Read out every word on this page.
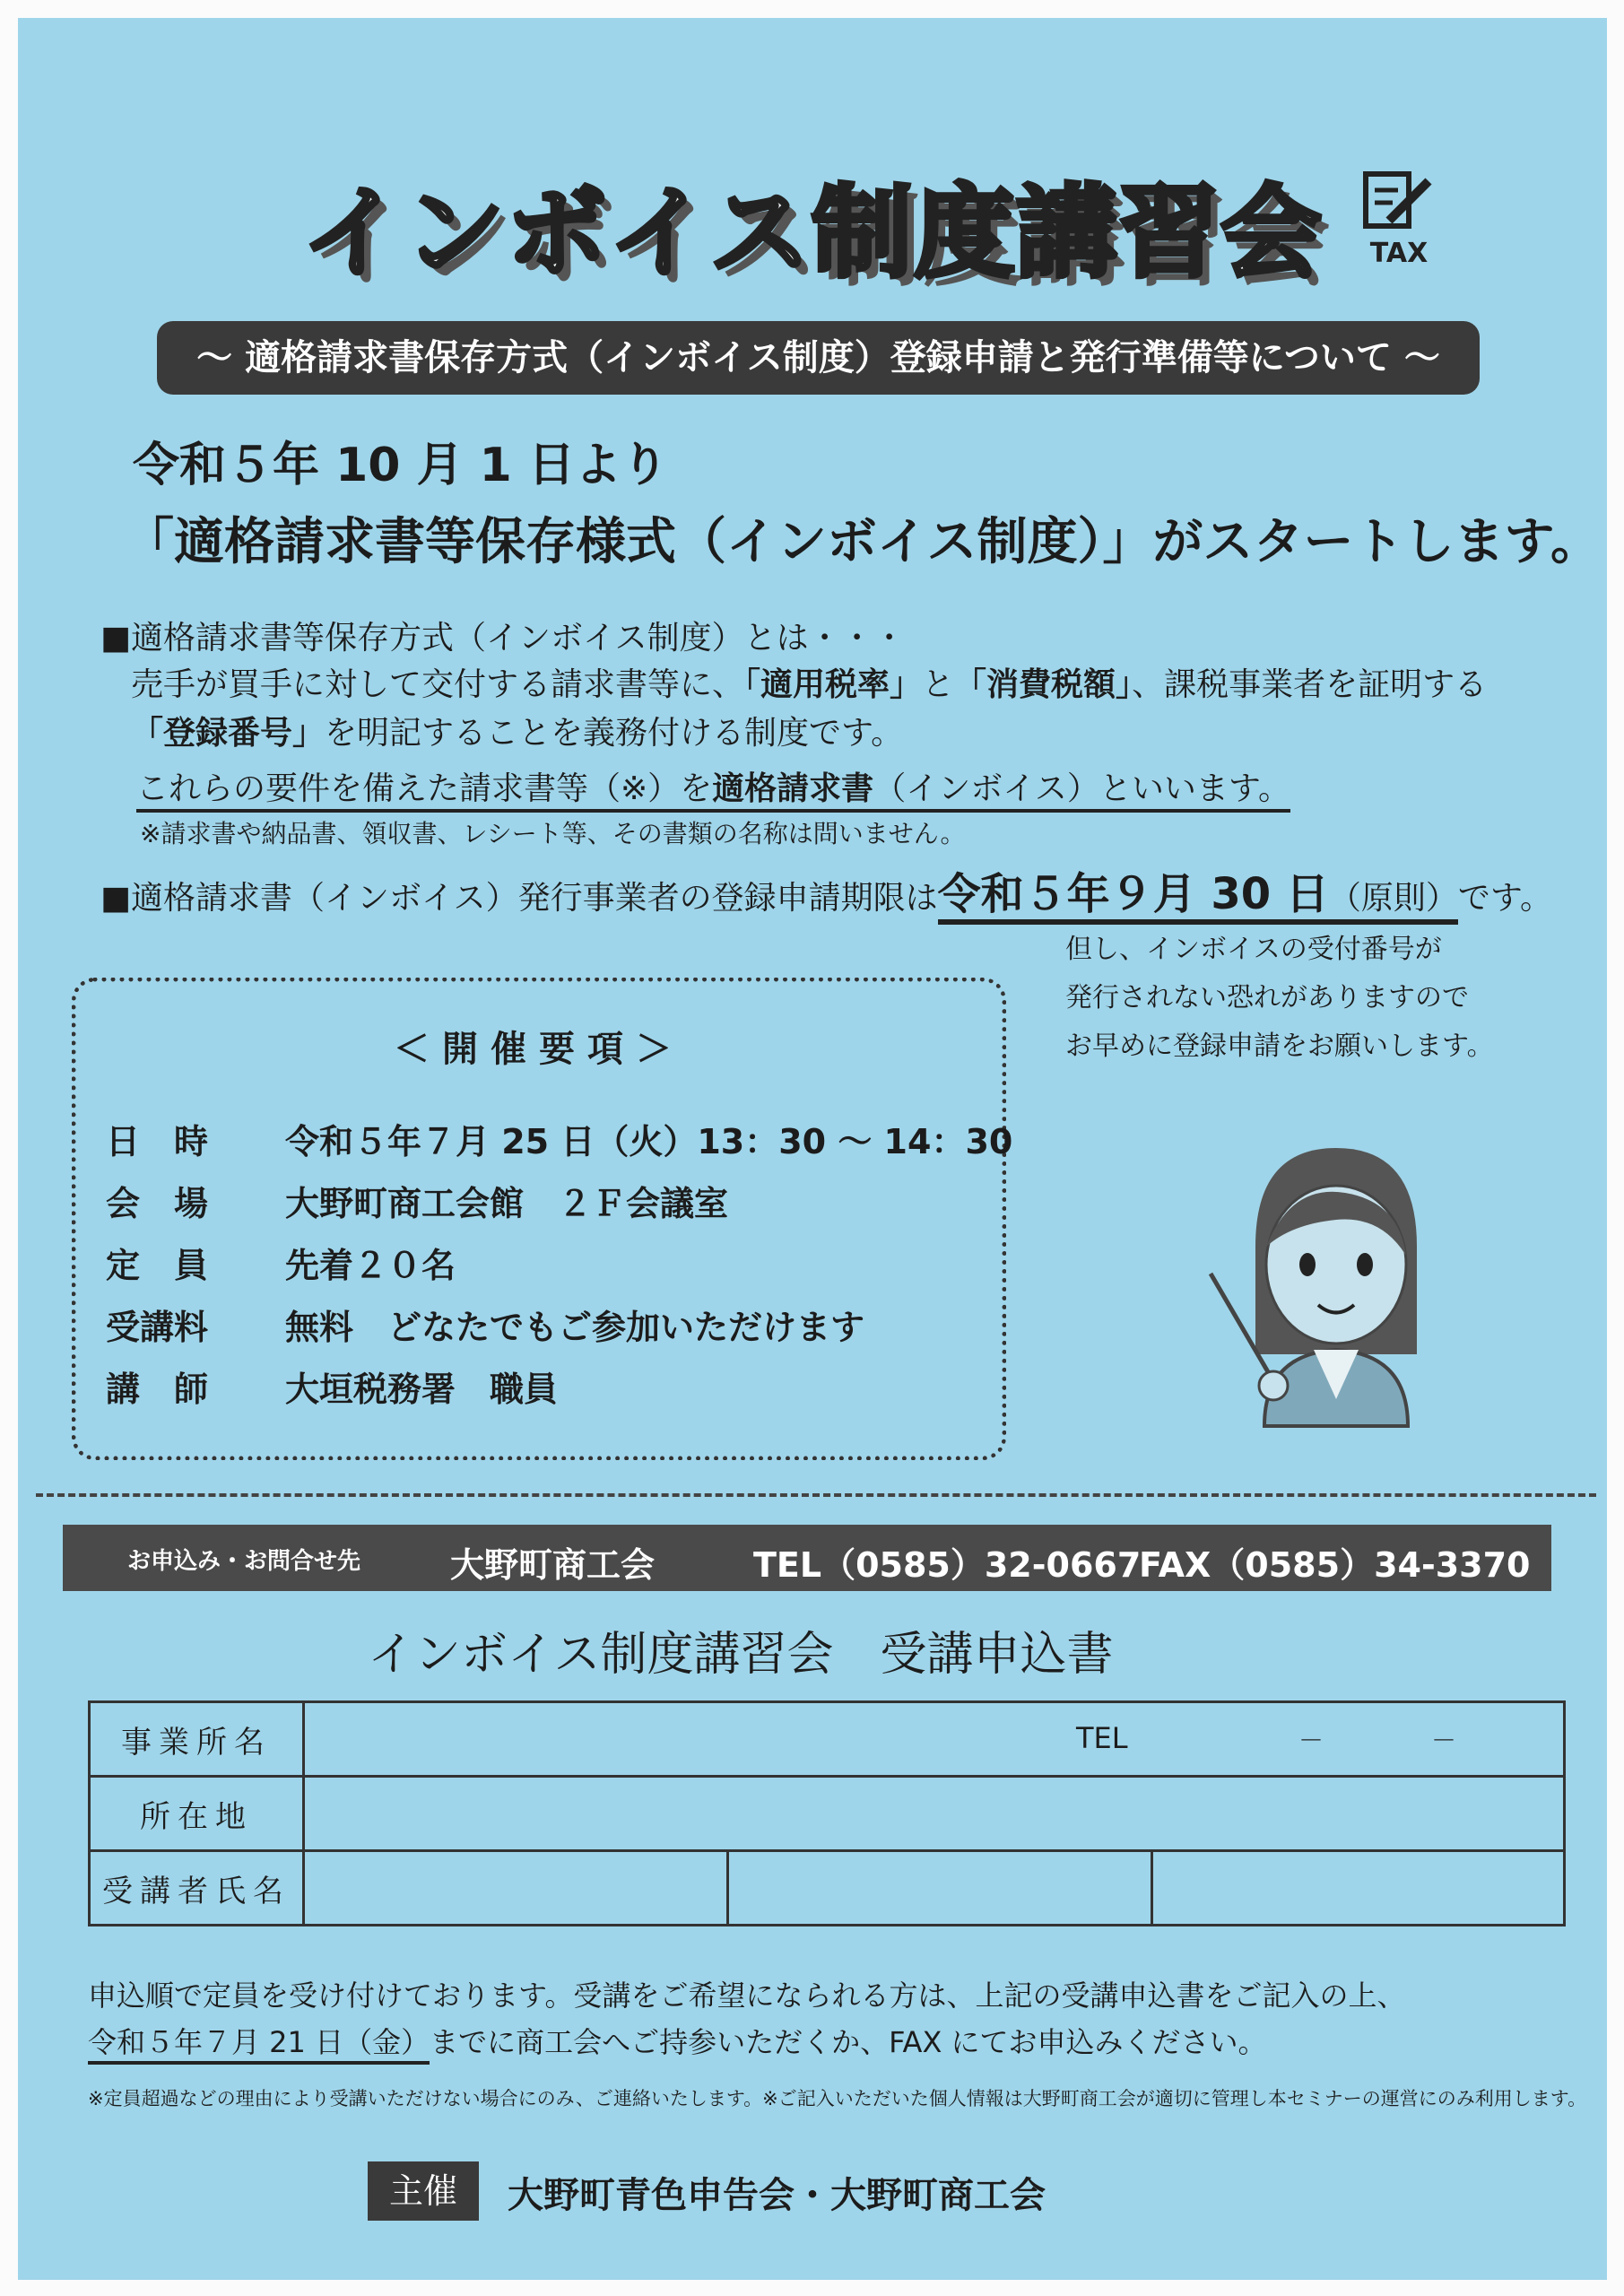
インボイス制度講習会	TAX
～ 適格請求書保存方式（インボイス制度）登録申請と発行準備等について ～
令和５年 10 月 1 日より
「適格請求書等保存様式（インボイス制度）」がスタートします。
■適格請求書等保存方式（インボイス制度）とは・・・
売手が買手に対して交付する請求書等に、「適用税率」と「消費税額」、課税事業者を証明する
「登録番号」を明記することを義務付ける制度です。
これらの要件を備えた請求書等（※）を適格請求書（インボイス）といいます。
※請求書や納品書、領収書、レシート等、その書類の名称は問いません。
■適格請求書（インボイス）発行事業者の登録申請期限は令和５年９月 30 日（原則）です。
但し、インボイスの受付番号が
発行されない恐れがありますので
お早めに登録申請をお願いします。
＜開催要項＞
日　時 令和５年７月 25 日（火）13：30 ～ 14：30
会　場 大野町商工会館　２Ｆ会議室
定　員 先着２０名
受講料 無料　どなたでもご参加いただけます
講　師 大垣税務署　職員
お申込み・お問合せ先	大野町商工会	TEL（0585）32-0667
FAX（0585）34-3370
インボイス制度講習会　受講申込書
事業所名	TEL － －		

所在地			
受講者氏名			
申込順で定員を受け付けております。受講をご希望になられる方は、上記の受講申込書をご記入の上、
令和５年７月 21 日（金）までに商工会へご持参いただくか、FAX にてお申込みください。
※定員超過などの理由により受講いただけない場合にのみ、ご連絡いたします。※ご記入いただいた個人情報は大野町商工会が適切に管理し本セミナーの運営にのみ利用します。
主催	大野町青色申告会・大野町商工会
